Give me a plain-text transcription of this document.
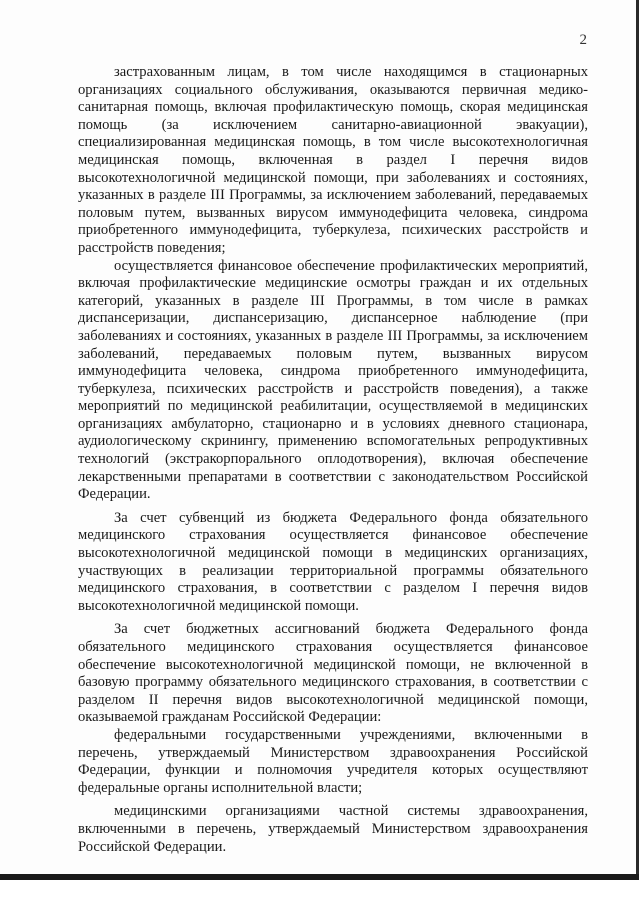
2

застрахованным лицам, в том числе находящимся в стационарных организациях социального обслуживания, оказываются первичная медико-санитарная помощь, включая профилактическую помощь, скорая медицинская помощь (за исключением санитарно-авиационной эвакуации), специализированная медицинская помощь, в том числе высокотехнологичная медицинская помощь, включенная в раздел I перечня видов высокотехнологичной медицинской помощи, при заболеваниях и состояниях, указанных в разделе III Программы, за исключением заболеваний, передаваемых половым путем, вызванных вирусом иммунодефицита человека, синдрома приобретенного иммунодефицита, туберкулеза, психических расстройств и расстройств поведения;

осуществляется финансовое обеспечение профилактических мероприятий, включая профилактические медицинские осмотры граждан и их отдельных категорий, указанных в разделе III Программы, в том числе в рамках диспансеризации, диспансеризацию, диспансерное наблюдение (при заболеваниях и состояниях, указанных в разделе III Программы, за исключением заболеваний, передаваемых половым путем, вызванных вирусом иммунодефицита человека, синдрома приобретенного иммунодефицита, туберкулеза, психических расстройств и расстройств поведения), а также мероприятий по медицинской реабилитации, осуществляемой в медицинских организациях амбулаторно, стационарно и в условиях дневного стационара, аудиологическому скринингу, применению вспомогательных репродуктивных технологий (экстракорпорального оплодотворения), включая обеспечение лекарственными препаратами в соответствии с законодательством Российской Федерации.

За счет субвенций из бюджета Федерального фонда обязательного медицинского страхования осуществляется финансовое обеспечение высокотехнологичной медицинской помощи в медицинских организациях, участвующих в реализации территориальной программы обязательного медицинского страхования, в соответствии с разделом I перечня видов высокотехнологичной медицинской помощи.

За счет бюджетных ассигнований бюджета Федерального фонда обязательного медицинского страхования осуществляется финансовое обеспечение высокотехнологичной медицинской помощи, не включенной в базовую программу обязательного медицинского страхования, в соответствии с разделом II перечня видов высокотехнологичной медицинской помощи, оказываемой гражданам Российской Федерации:

федеральными государственными учреждениями, включенными в перечень, утверждаемый Министерством здравоохранения Российской Федерации, функции и полномочия учредителя которых осуществляют федеральные органы исполнительной власти;

медицинскими организациями частной системы здравоохранения, включенными в перечень, утверждаемый Министерством здравоохранения Российской Федерации.
